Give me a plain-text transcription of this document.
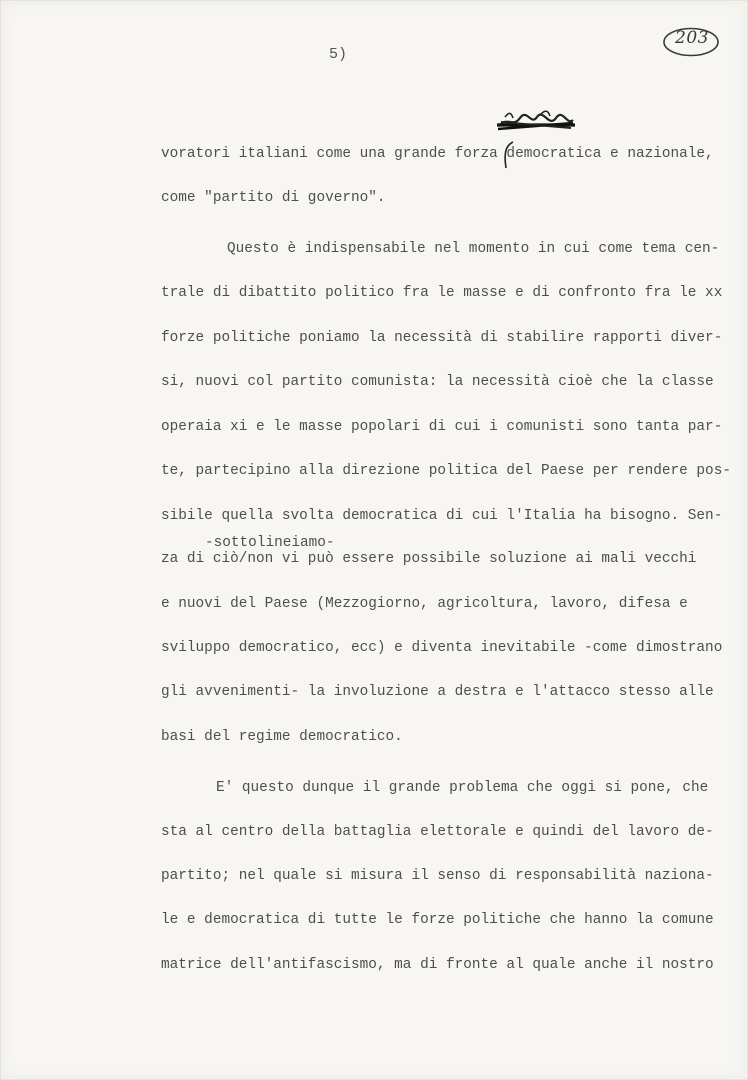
5)
203
voratori italiani come una grande forza democratica e nazionale,
come "partito di governo".
Questo è indispensabile nel momento in cui come tema cen-
trale di dibattito politico fra le masse e di confronto fra le xx
forze politiche poniamo la necessità di stabilire rapporti diver-
si, nuovi col partito comunista: la necessità cioè che la classe
operaia xi e le masse popolari di cui i comunisti sono tanta par-
te, partecipino alla direzione politica del Paese per rendere pos-
sibile quella svolta democratica di cui l'Italia ha bisogno. Sen-
-sottolineiamo-
za di ciò/non vi può essere possibile soluzione ai mali vecchi
e nuovi del Paese (Mezzogiorno, agricoltura, lavoro, difesa e
sviluppo democratico, ecc) e diventa inevitabile -come dimostrano
gli avvenimenti- la involuzione a destra e l'attacco stesso alle
basi del regime democratico.
E' questo dunque il grande problema che oggi si pone, che
sta al centro della battaglia elettorale e quindi del lavoro de-
partito; nel quale si misura il senso di responsabilità naziona-
le e democratica di tutte le forze politiche che hanno la comune
matrice dell'antifascismo, ma di fronte al quale anche il nostro
